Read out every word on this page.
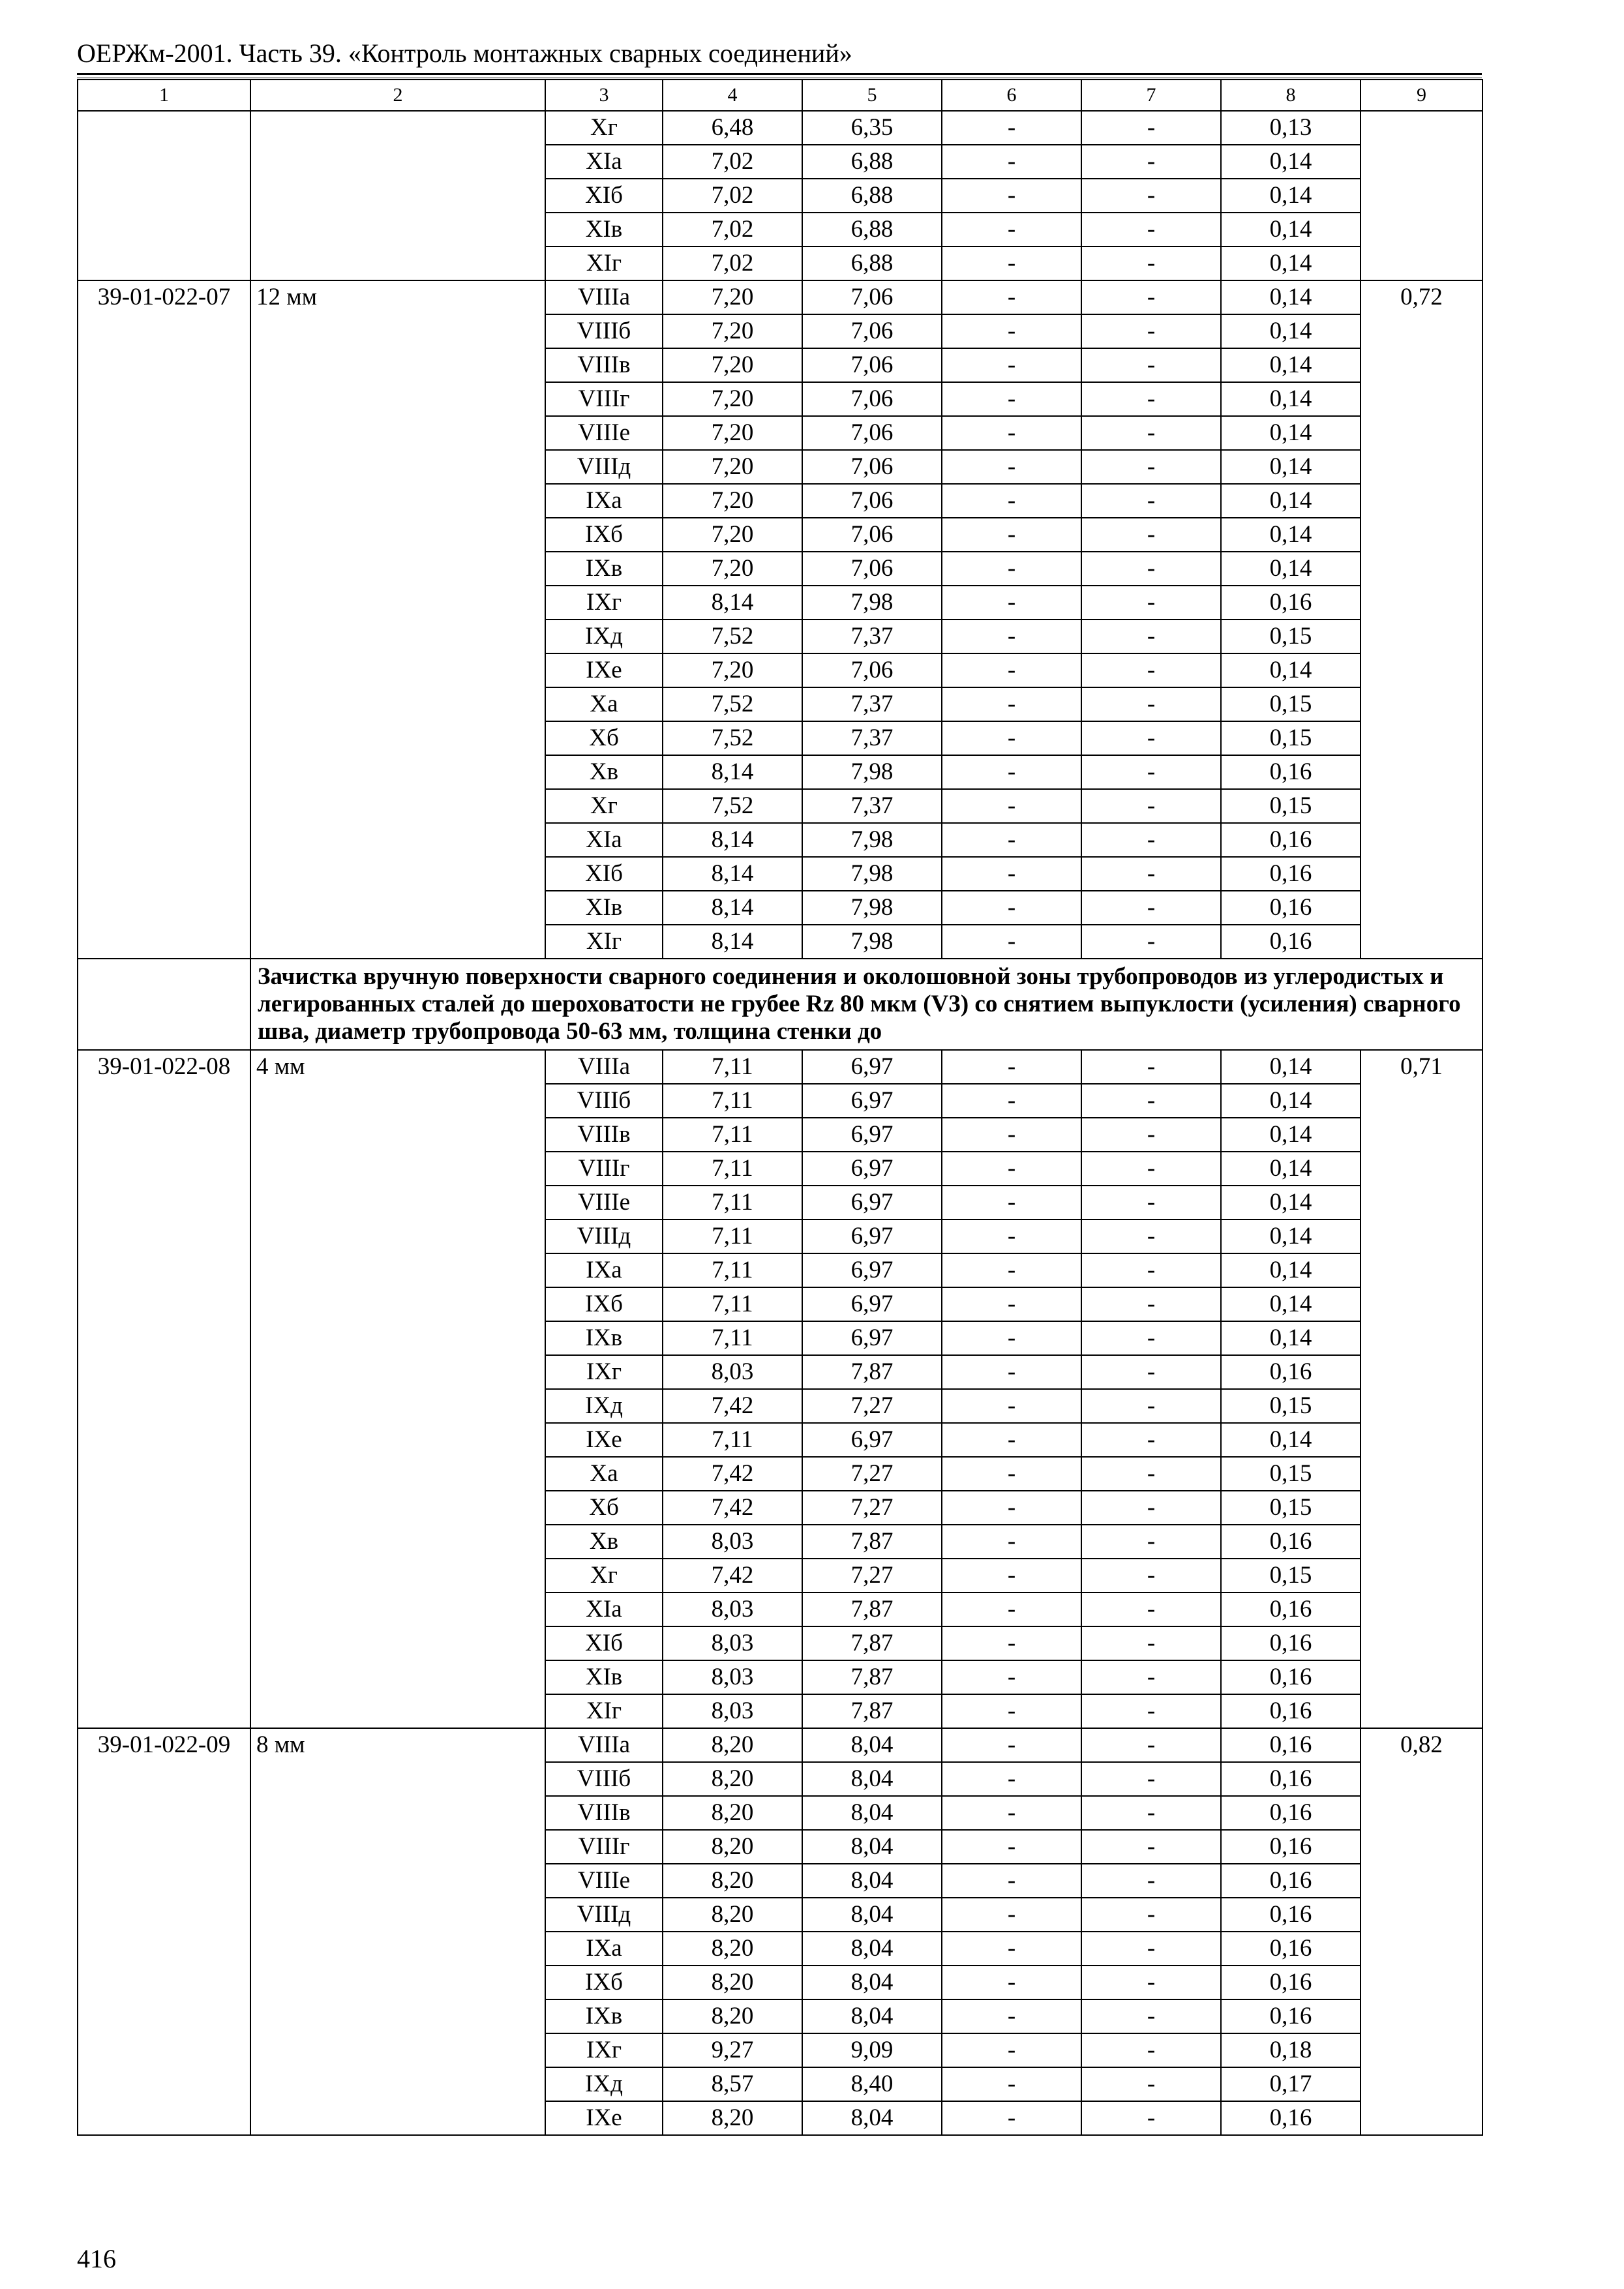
ОЕРЖм-2001. Часть 39. «Контроль монтажных сварных соединений»
1	2	3	4	5	6	7	8	9
		Хг	6,48	6,35	-	-	0,13	
		ХIа	7,02	6,88	-	-	0,14	
		ХIб	7,02	6,88	-	-	0,14	
		ХIв	7,02	6,88	-	-	0,14	
		ХIг	7,02	6,88	-	-	0,14	
39-01-022-07	12 мм	VIIIа	7,20	7,06	-	-	0,14	0,72
		VIIIб	7,20	7,06	-	-	0,14	
		VIIIв	7,20	7,06	-	-	0,14	
		VIIIг	7,20	7,06	-	-	0,14	
		VIIIе	7,20	7,06	-	-	0,14	
		VIIIд	7,20	7,06	-	-	0,14	
		IХа	7,20	7,06	-	-	0,14	
		IХб	7,20	7,06	-	-	0,14	
		IХв	7,20	7,06	-	-	0,14	
		IХг	8,14	7,98	-	-	0,16	
		IХд	7,52	7,37	-	-	0,15	
		IХе	7,20	7,06	-	-	0,14	
		Ха	7,52	7,37	-	-	0,15	
		Хб	7,52	7,37	-	-	0,15	
		Хв	8,14	7,98	-	-	0,16	
		Хг	7,52	7,37	-	-	0,15	
		ХIа	8,14	7,98	-	-	0,16	
		ХIб	8,14	7,98	-	-	0,16	
		ХIв	8,14	7,98	-	-	0,16	
		ХIг	8,14	7,98	-	-	0,16	
	Зачистка вручную поверхности сварного соединения и околошовной зоны трубопроводов из углеродистых и легированных сталей до шероховатости не грубее Rz 80 мкм (V3) со снятием выпуклости (усиления) сварного шва, диаметр трубопровода 50-63 мм, толщина стенки до							
39-01-022-08	4 мм	VIIIа	7,11	6,97	-	-	0,14	0,71
		VIIIб	7,11	6,97	-	-	0,14	
		VIIIв	7,11	6,97	-	-	0,14	
		VIIIг	7,11	6,97	-	-	0,14	
		VIIIе	7,11	6,97	-	-	0,14	
		VIIIд	7,11	6,97	-	-	0,14	
		IХа	7,11	6,97	-	-	0,14	
		IХб	7,11	6,97	-	-	0,14	
		IХв	7,11	6,97	-	-	0,14	
		IХг	8,03	7,87	-	-	0,16	
		IХд	7,42	7,27	-	-	0,15	
		IХе	7,11	6,97	-	-	0,14	
		Ха	7,42	7,27	-	-	0,15	
		Хб	7,42	7,27	-	-	0,15	
		Хв	8,03	7,87	-	-	0,16	
		Хг	7,42	7,27	-	-	0,15	
		ХIа	8,03	7,87	-	-	0,16	
		ХIб	8,03	7,87	-	-	0,16	
		ХIв	8,03	7,87	-	-	0,16	
		ХIг	8,03	7,87	-	-	0,16	
39-01-022-09	8 мм	VIIIа	8,20	8,04	-	-	0,16	0,82
		VIIIб	8,20	8,04	-	-	0,16	
		VIIIв	8,20	8,04	-	-	0,16	
		VIIIг	8,20	8,04	-	-	0,16	
		VIIIе	8,20	8,04	-	-	0,16	
		VIIIд	8,20	8,04	-	-	0,16	
		IХа	8,20	8,04	-	-	0,16	
		IХб	8,20	8,04	-	-	0,16	
		IХв	8,20	8,04	-	-	0,16	
		IХг	9,27	9,09	-	-	0,18	
		IХд	8,57	8,40	-	-	0,17	
		IХе	8,20	8,04	-	-	0,16	
416
